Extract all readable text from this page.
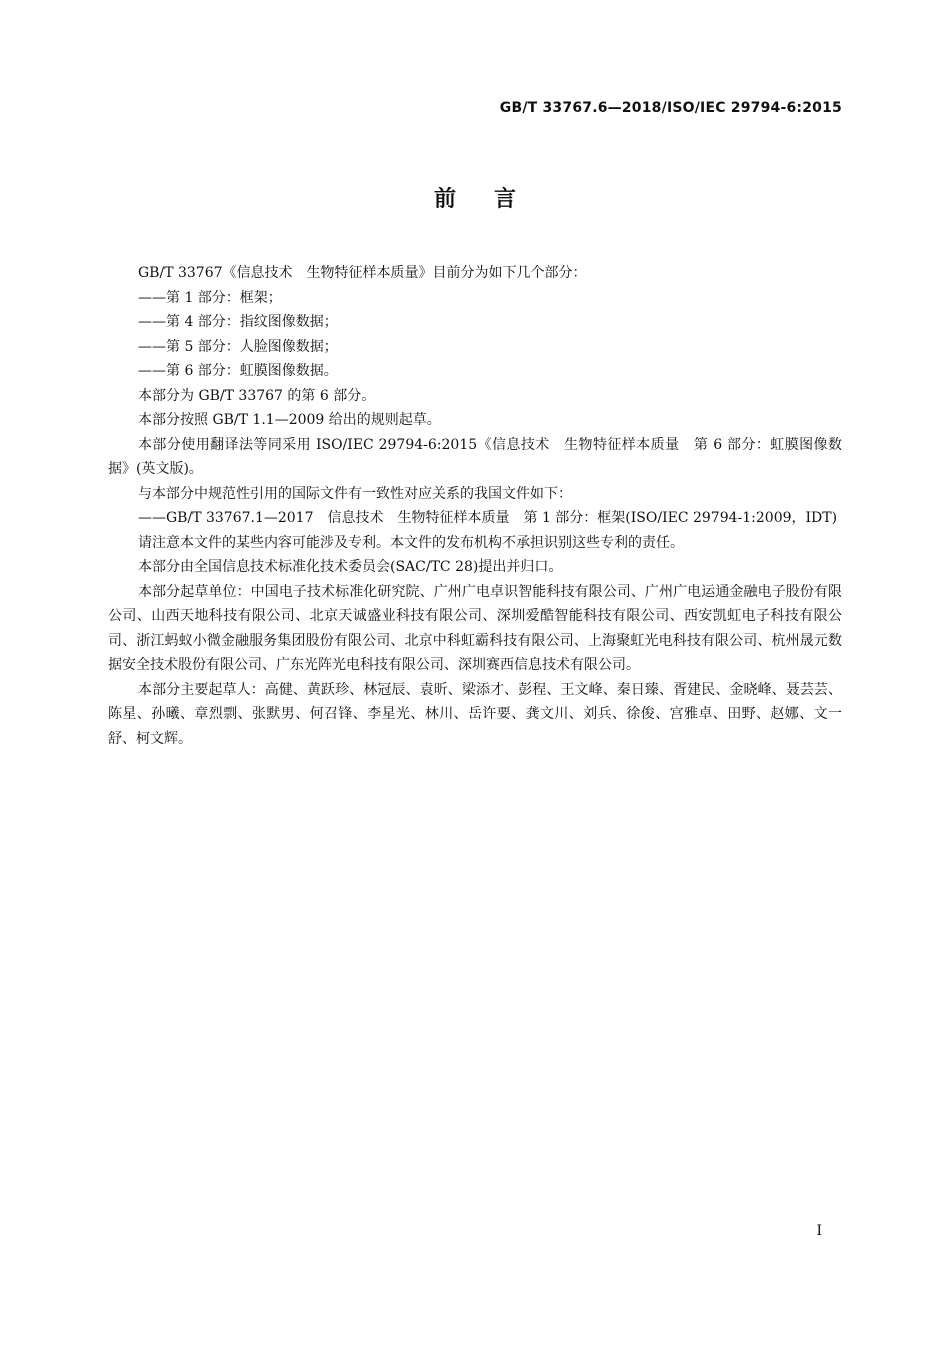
GB/T 33767.6—2018/ISO/IEC 29794-6:2015
前言

GB/T 33767《信息技术　生物特征样本质量》目前分为如下几个部分：

——第 1 部分：框架；

——第 4 部分：指纹图像数据；

——第 5 部分：人脸图像数据；

——第 6 部分：虹膜图像数据。

本部分为 GB/T 33767 的第 6 部分。

本部分按照 GB/T 1.1—2009 给出的规则起草。

本部分使用翻译法等同采用 ISO/IEC 29794-6:2015《信息技术　生物特征样本质量　第 6 部分：虹膜图像数据》(英文版)。

与本部分中规范性引用的国际文件有一致性对应关系的我国文件如下：

——GB/T 33767.1—2017　信息技术　生物特征样本质量　第 1 部分：框架(ISO/IEC 29794-1:2009，IDT)

请注意本文件的某些内容可能涉及专利。本文件的发布机构不承担识别这些专利的责任。

本部分由全国信息技术标准化技术委员会(SAC/TC 28)提出并归口。

本部分起草单位：中国电子技术标准化研究院、广州广电卓识智能科技有限公司、广州广电运通金融电子股份有限公司、山西天地科技有限公司、北京天诚盛业科技有限公司、深圳爱酷智能科技有限公司、西安凯虹电子科技有限公司、浙江蚂蚁小微金融服务集团股份有限公司、北京中科虹霸科技有限公司、上海聚虹光电科技有限公司、杭州晟元数据安全技术股份有限公司、广东光阵光电科技有限公司、深圳赛西信息技术有限公司。

本部分主要起草人：高健、黄跃珍、林冠辰、袁昕、梁添才、彭程、王文峰、秦日臻、胥建民、金晓峰、聂芸芸、陈星、孙曦、章烈剽、张默男、何召锋、李星光、林川、岳许要、龚文川、刘兵、徐俊、宫雅卓、田野、赵娜、文一舒、柯文辉。

I
